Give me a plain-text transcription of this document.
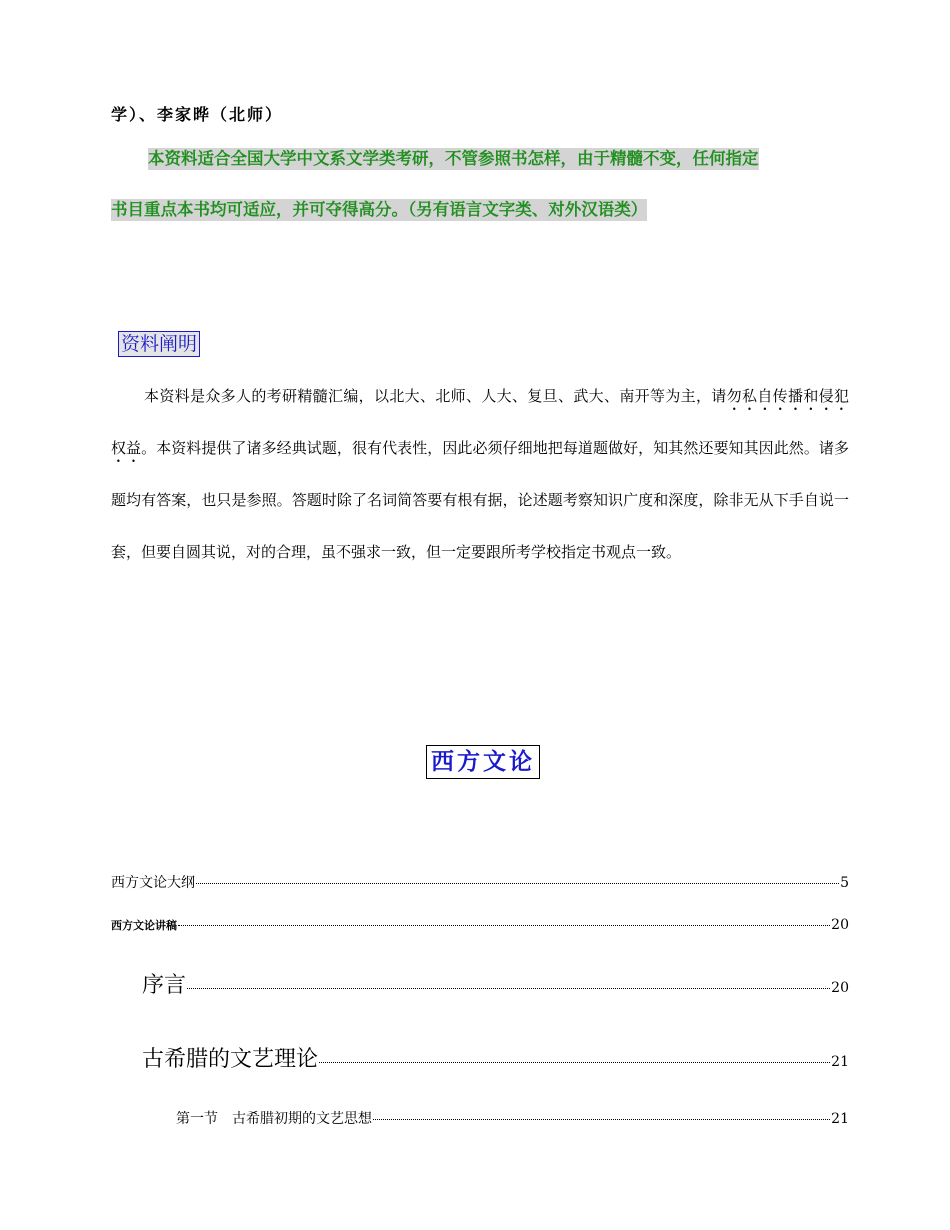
学）、李家晔（北师）
本资料适合全国大学中文系文学类考研，不管参照书怎样，由于精髓不变，任何指定
书目重点本书均可适应，并可夺得高分。（另有语言文字类、对外汉语类）
资料阐明
本资料是众多人的考研精髓汇编，以北大、北师、人大、复旦、武大、南开等为主，请勿私自传播和侵犯权益。本资料提供了诸多经典试题，很有代表性，因此必须仔细地把每道题做好，知其然还要知其因此然。诸多题均有答案，也只是参照。答题时除了名词简答要有根有据，论述题考察知识广度和深度，除非无从下手自说一套，但要自圆其说，对的合理，虽不强求一致，但一定要跟所考学校指定书观点一致。
西方文论
西方文论大纲	5
西方文论讲稿	20
序言	20
古希腊的文艺理论	21
第一节　古希腊初期的文艺思想	21
